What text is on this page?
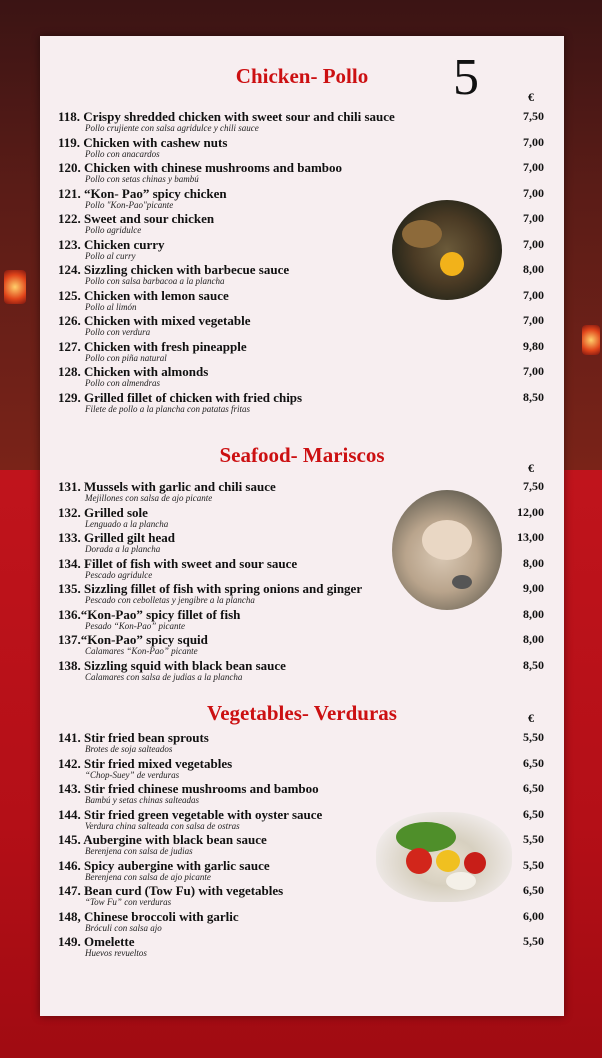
5
Chicken- Pollo
€
118. Crispy shredded chicken with sweet sour and chili sauce
Pollo crujiente con salsa agridulce y chili sauce
7,50
119. Chicken with cashew nuts
Pollo con anacardos
7,00
120. Chicken with chinese mushrooms and bamboo
Pollo con setas chinas y bambú
7,00
121. “Kon- Pao” spicy chicken
Pollo "Kon-Pao"picante
7,00
122. Sweet and sour chicken
Pollo agridulce
7,00
123. Chicken curry
Pollo al curry
7,00
124. Sizzling chicken with barbecue sauce
Pollo con salsa barbacoa a la plancha
8,00
125. Chicken with lemon sauce
Pollo al limón
7,00
126. Chicken with mixed vegetable
Pollo con verdura
7,00
127. Chicken with fresh pineapple
Pollo con piña natural
9,80
128. Chicken with almonds
Pollo con almendras
7,00
129. Grilled fillet of chicken with fried chips
Filete de pollo a la plancha con patatas fritas
8,50
Seafood- Mariscos
€
131. Mussels with garlic and chili sauce
Mejillones con salsa de ajo picante
7,50
132. Grilled sole
Lenguado a la plancha
12,00
133. Grilled gilt head
Dorada a la plancha
13,00
134. Fillet of fish with sweet and sour sauce
Pescado agridulce
8,00
135. Sizzling fillet of fish with spring onions and ginger
Pescado con cebolletas y jengibre a la plancha
9,00
136.“Kon-Pao” spicy fillet of fish
Pesado “Kon-Pao” picante
8,00
137.“Kon-Pao” spicy squid
Calamares “Kon-Pao” picante
8,00
138. Sizzling squid with black bean sauce
Calamares con salsa de judias a la plancha
8,50
Vegetables- Verduras	€
141. Stir fried bean sprouts
Brotes de soja salteados
5,50
142. Stir fried mixed vegetables
“Chop-Suey” de verduras
6,50
143. Stir fried chinese mushrooms and bamboo
Bambú y setas chinas salteadas
6,50
144. Stir fried green vegetable with oyster sauce
Verdura china salteada con salsa de ostras
6,50
145. Aubergine with black bean sauce
Berenjena con salsa de judias
5,50
146. Spicy aubergine with garlic sauce
Berenjena con salsa de ajo picante
5,50
147. Bean curd (Tow Fu) with vegetables
“Tow Fu” con verduras
6,50
148, Chinese broccoli with garlic
Bróculi con salsa ajo
6,00
149. Omelette
Huevos revueltos
5,50
